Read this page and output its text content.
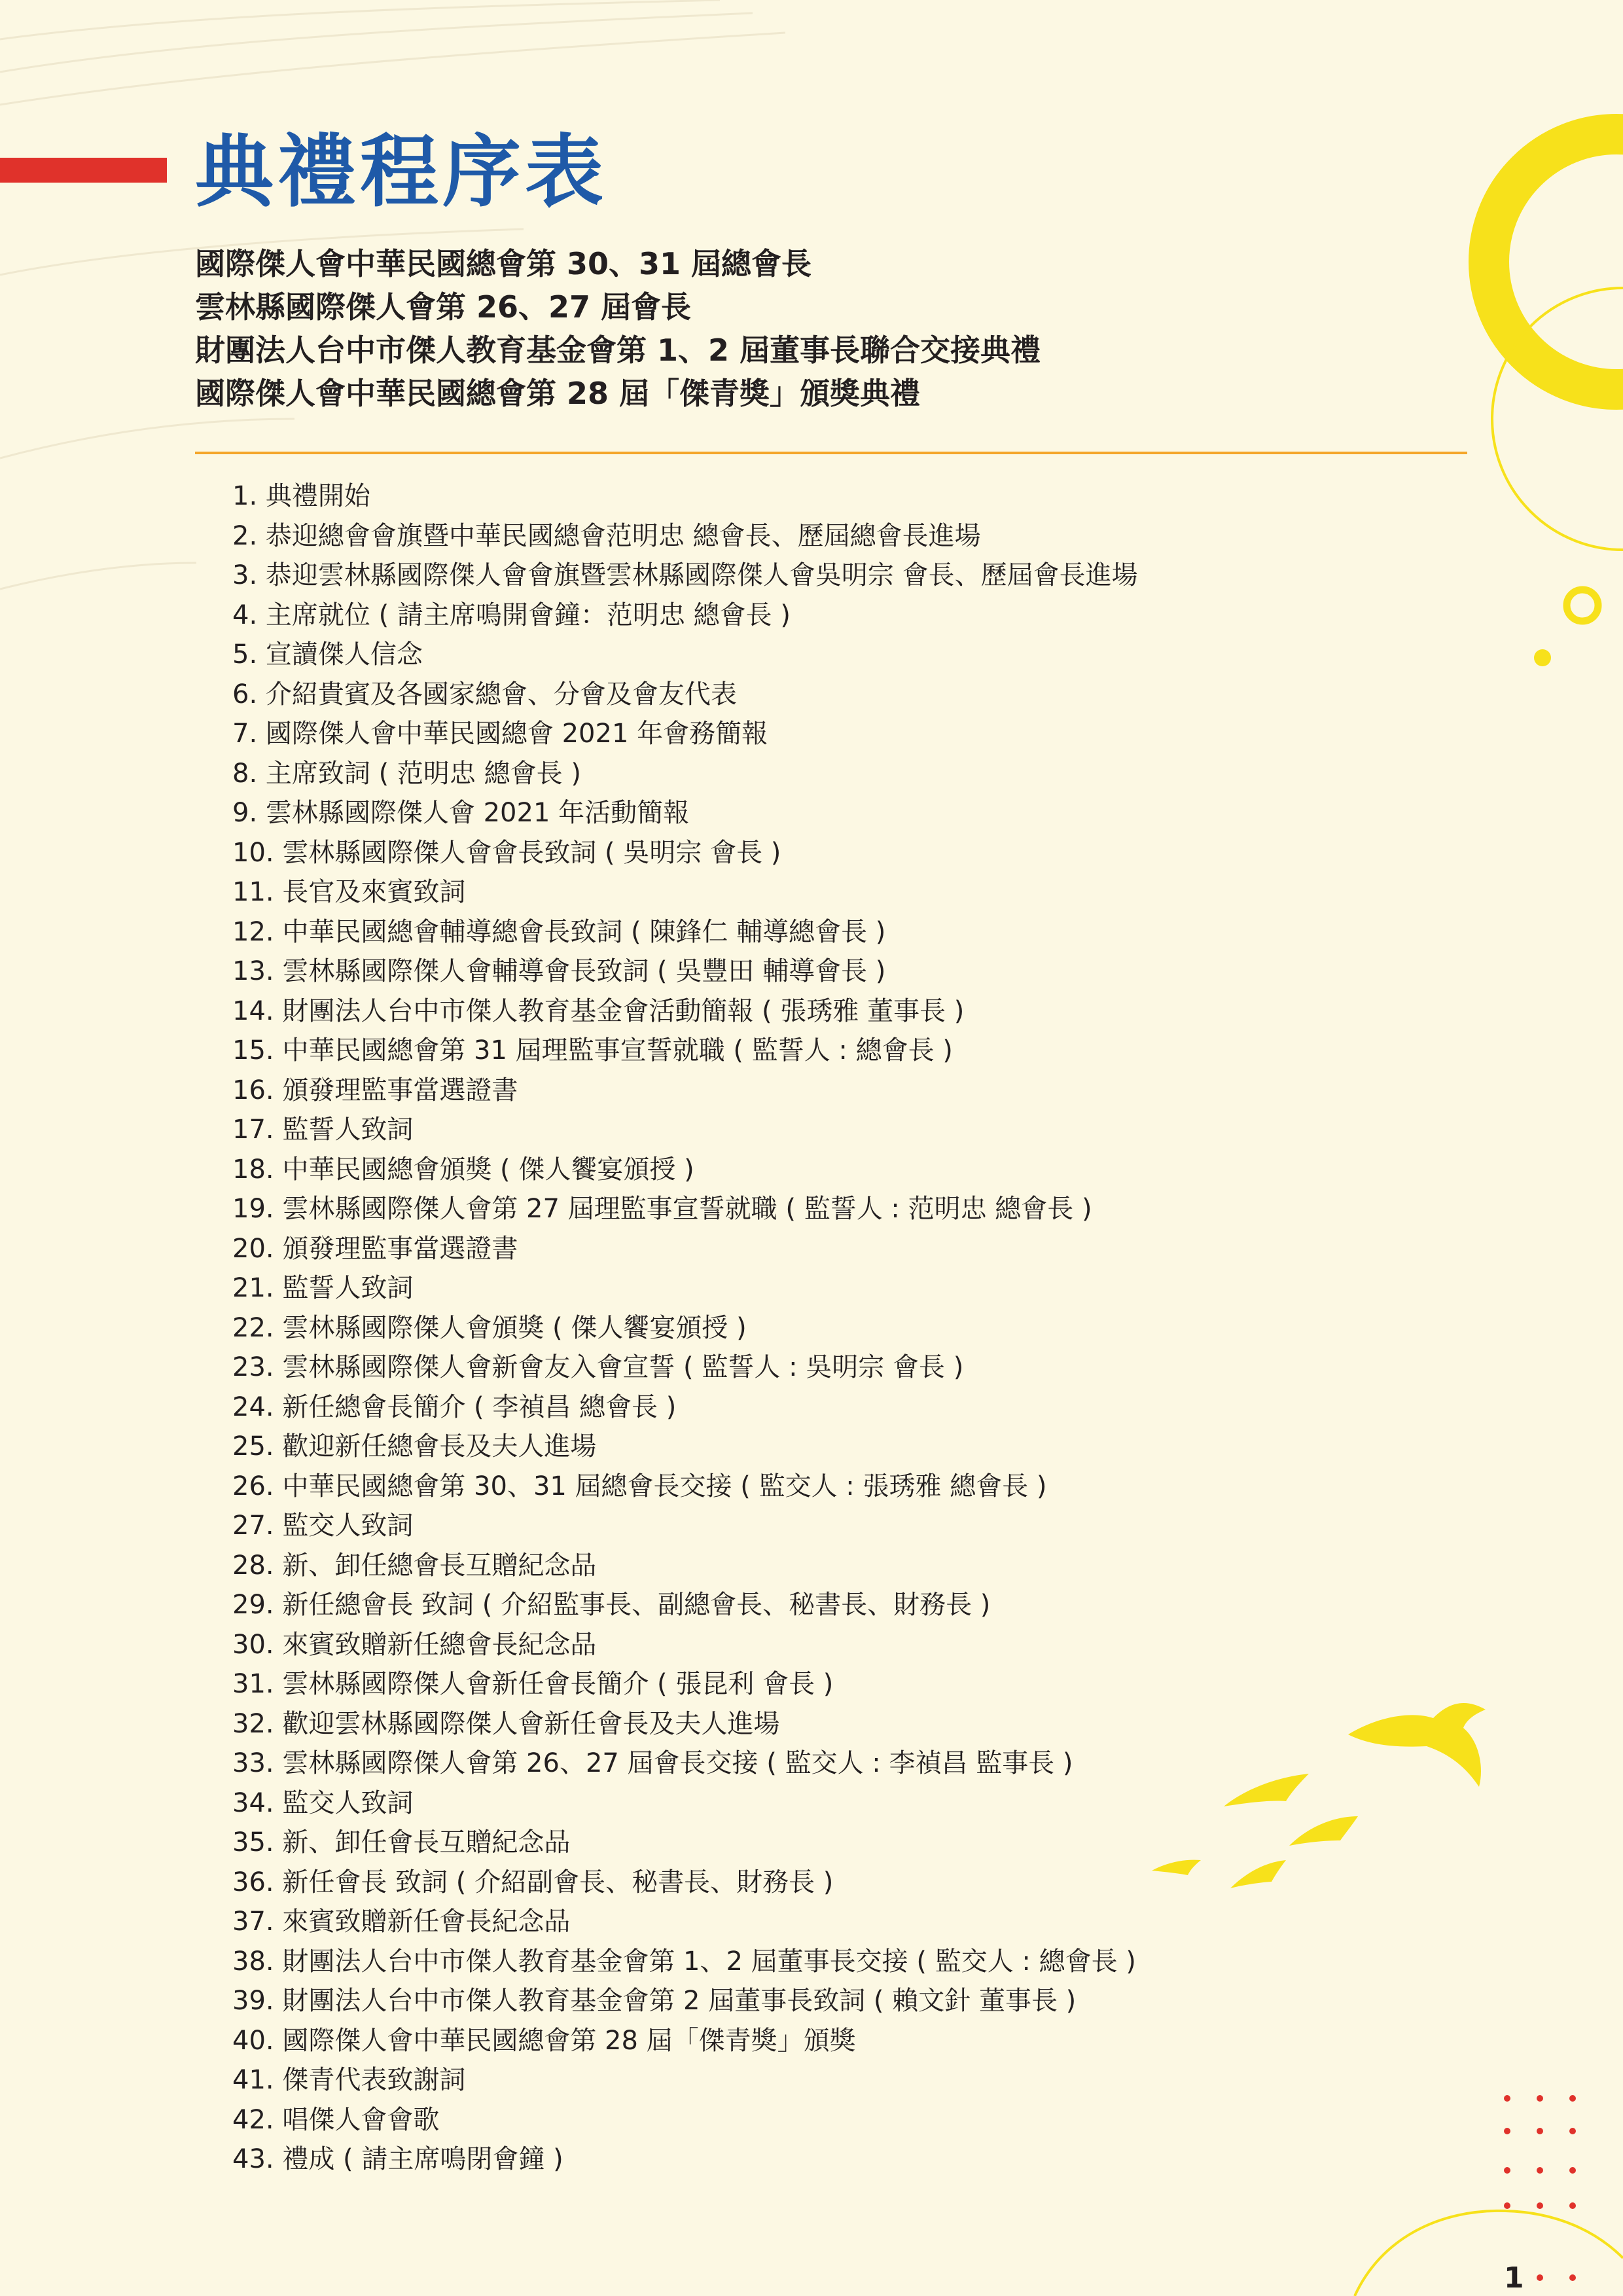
典禮程序表
國際傑人會中華民國總會第 30、31 屆總會長
雲林縣國際傑人會第 26、27 屆會長
財團法人台中市傑人教育基金會第 1、2 屆董事長聯合交接典禮
國際傑人會中華民國總會第 28 屆「傑青獎」頒獎典禮
1. 典禮開始
2. 恭迎總會會旗暨中華民國總會范明忠 總會長、歷屆總會長進場
3. 恭迎雲林縣國際傑人會會旗暨雲林縣國際傑人會吳明宗 會長、歷屆會長進場
4. 主席就位 ( 請主席鳴開會鐘：范明忠 總會長 )
5. 宣讀傑人信念
6. 介紹貴賓及各國家總會、分會及會友代表
7. 國際傑人會中華民國總會 2021 年會務簡報
8. 主席致詞 ( 范明忠 總會長 )
9. 雲林縣國際傑人會 2021 年活動簡報
10. 雲林縣國際傑人會會長致詞 ( 吳明宗 會長 )
11. 長官及來賓致詞
12. 中華民國總會輔導總會長致詞 ( 陳鋒仁 輔導總會長 )
13. 雲林縣國際傑人會輔導會長致詞 ( 吳豐田 輔導會長 )
14. 財團法人台中市傑人教育基金會活動簡報 ( 張琇雅 董事長 )
15. 中華民國總會第 31 屆理監事宣誓就職 ( 監誓人 : 總會長 )
16. 頒發理監事當選證書
17. 監誓人致詞
18. 中華民國總會頒獎 ( 傑人饗宴頒授 )
19. 雲林縣國際傑人會第 27 屆理監事宣誓就職 ( 監誓人 : 范明忠 總會長 )
20. 頒發理監事當選證書
21. 監誓人致詞
22. 雲林縣國際傑人會頒獎 ( 傑人饗宴頒授 )
23. 雲林縣國際傑人會新會友入會宣誓 ( 監誓人 : 吳明宗 會長 )
24. 新任總會長簡介 ( 李禎昌 總會長 )
25. 歡迎新任總會長及夫人進場
26. 中華民國總會第 30、31 屆總會長交接 ( 監交人 : 張琇雅 總會長 )
27. 監交人致詞
28. 新、卸任總會長互贈紀念品
29. 新任總會長 致詞 ( 介紹監事長、副總會長、秘書長、財務長 )
30. 來賓致贈新任總會長紀念品
31. 雲林縣國際傑人會新任會長簡介 ( 張昆利 會長 )
32. 歡迎雲林縣國際傑人會新任會長及夫人進場
33. 雲林縣國際傑人會第 26、27 屆會長交接 ( 監交人 : 李禎昌 監事長 )
34. 監交人致詞
35. 新、卸任會長互贈紀念品
36. 新任會長 致詞 ( 介紹副會長、秘書長、財務長 )
37. 來賓致贈新任會長紀念品
38. 財團法人台中市傑人教育基金會第 1、2 屆董事長交接 ( 監交人 : 總會長 )
39. 財團法人台中市傑人教育基金會第 2 屆董事長致詞 ( 賴文針 董事長 )
40. 國際傑人會中華民國總會第 28 屆「傑青獎」頒獎
41. 傑青代表致謝詞
42. 唱傑人會會歌
43. 禮成 ( 請主席鳴閉會鐘 )
1
